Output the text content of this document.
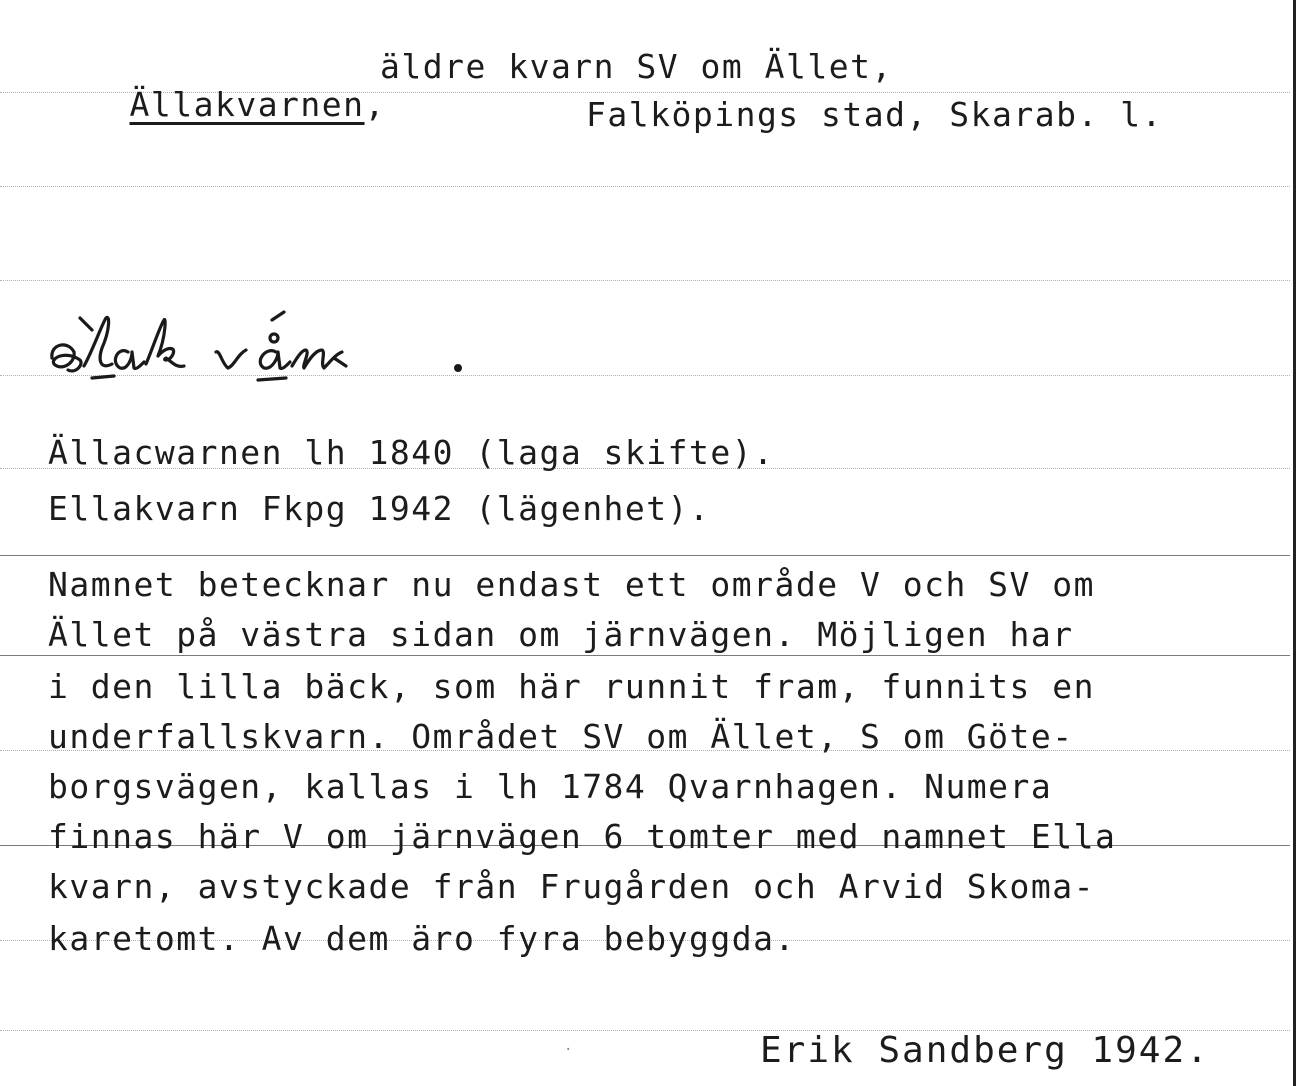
Ällakvarnen,

äldre kvarn SV om Ället,
Falköpings stad, Skarab. l.
äla kván.
Ällacwarnen lh 1840 (laga skifte).
Ellakvarn Fkpg 1942 (lägenhet).
Namnet betecknar nu endast ett område V och SV om
Ället på västra sidan om järnvägen. Möjligen har
i den lilla bäck, som här runnit fram, funnits en
underfallskvarn. Området SV om Ället, S om Göte-
borgsvägen, kallas i lh 1784 Qvarnhagen. Numera
finnas här V om järnvägen 6 tomter med namnet Ella
kvarn, avstyckade från Frugården och Arvid Skoma-
karetomt. Av dem äro fyra bebyggda.
·	Erik Sandberg 1942.
